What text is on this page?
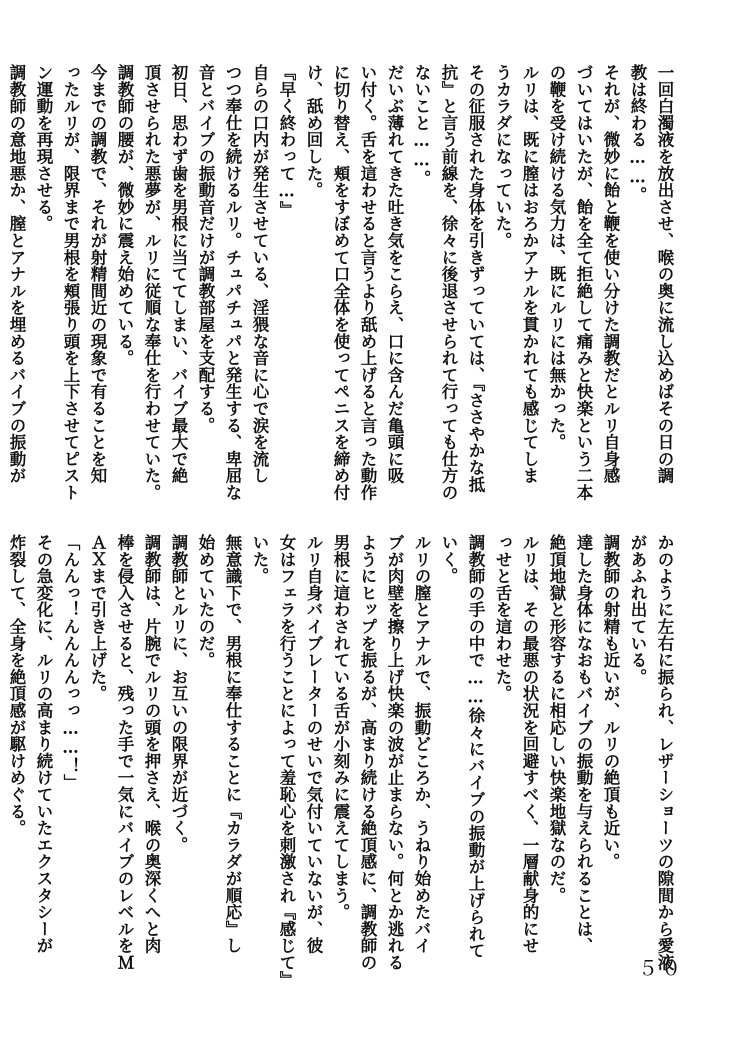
一回白濁液を放出させ、喉の奥に流し込めばその日の調
教は終わる……。
それが、微妙に飴と鞭を使い分けた調教だとルリ自身感
づいてはいたが、飴を全て拒絶して痛みと快楽という二本
の鞭を受け続ける気力は、既にルリには無かった。
ルリは、既に膣はおろかアナルを貫かれても感じてしま
うカラダになっていた。
その征服された身体を引きずっていては、『ささやかな抵
抗』と言う前線を、徐々に後退させられて行っても仕方の
ないこと……。
だいぶ薄れてきた吐き気をこらえ、口に含んだ亀頭に吸
い付く。舌を這わせると言うより舐め上げると言った動作
に切り替え、頬をすぼめて口全体を使ってペニスを締め付
け、舐め回した。
『早く終わって…』
自らの口内が発生させている、淫猥な音に心で涙を流し
つつ奉仕を続けるルリ。チュパチュパと発生する、卑屈な
音とバイブの振動音だけが調教部屋を支配する。
初日、思わず歯を男根に当ててしまい、バイブ最大で絶
頂させられた悪夢が、ルリに従順な奉仕を行わせていた。
調教師の腰が、微妙に震え始めている。
今までの調教で、それが射精間近の現象で有ることを知
ったルリが、限界まで男根を頬張り頭を上下させてピスト
ン運動を再現させる。
調教師の意地悪か、膣とアナルを埋めるバイブの振動が
かのように左右に振られ、レザーショーツの隙間から愛液
があふれ出ている。
調教師の射精も近いが、ルリの絶頂も近い。
達した身体になおもバイブの振動を与えられることは、
絶頂地獄と形容するに相応しい快楽地獄なのだ。
ルリは、その最悪の状況を回避すべく、一層献身的にせ
っせと舌を這わせた。
調教師の手の中で……徐々にバイブの振動が上げられて
いく。
ルリの膣とアナルで、振動どころか、うねり始めたバイ
ブが肉壁を擦り上げ快楽の波が止まらない。何とか逃れる
ようにヒップを振るが、高まり続ける絶頂感に、調教師の
男根に這わされている舌が小刻みに震えてしまう。
ルリ自身バイブレーターのせいで気付いていないが、彼
女はフェラを行うことによって羞恥心を刺激され『感じて』
いた。
無意識下で、男根に奉仕することに『カラダが順応』し
始めていたのだ。
調教師とルリに、お互いの限界が近づく。
調教師は、片腕でルリの頭を押さえ、喉の奥深くへと肉
棒を侵入させると、残った手で一気にバイブのレベルをＭ
ＡＸまで引き上げた。
「んんっ！んんんんっっ……！」
その急変化に、ルリの高まり続けていたエクスタシーが
炸裂して、全身を絶頂感が駆けめぐる。
５０
